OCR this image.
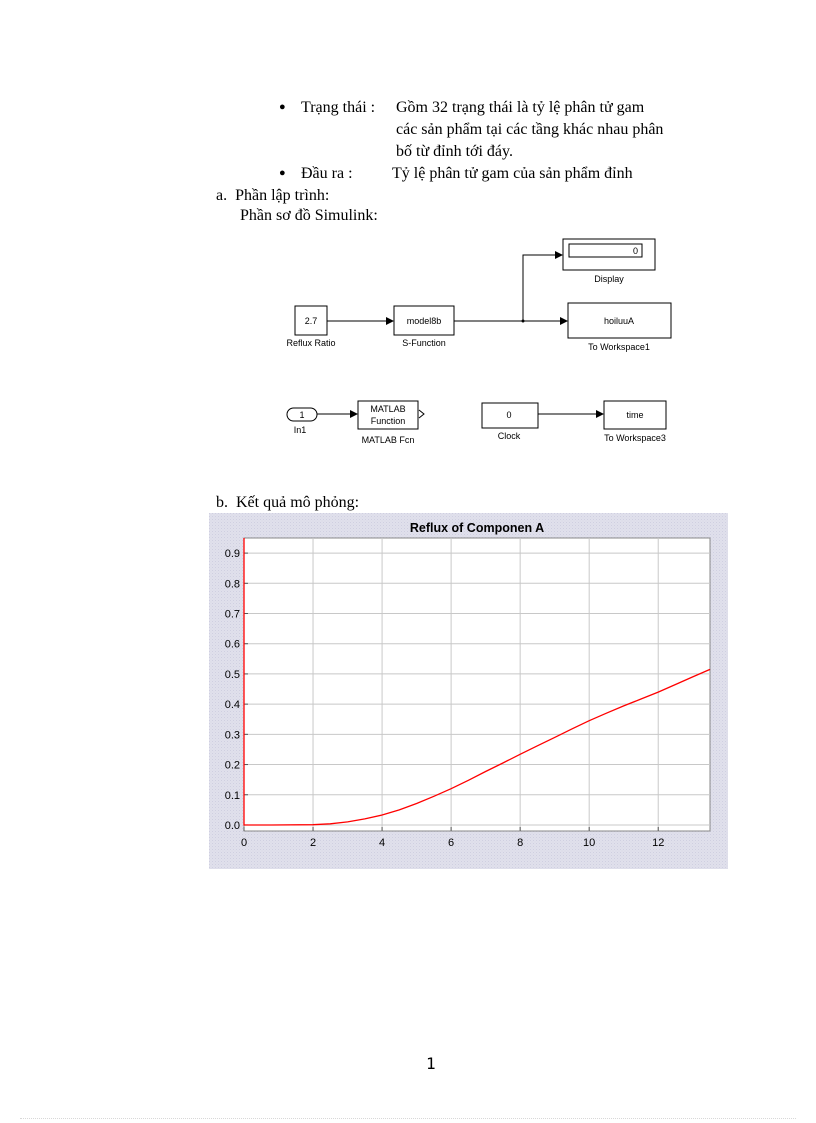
● Trạng thái : Gồm 32 trạng thái là tỷ lệ phân tử gam
các sản phẩm tại các tầng khác nhau phân
bố từ đỉnh tới đáy.
● Đầu ra : Tỷ lệ phân tử gam của sản phẩm đỉnh
a.  Phần lập trình:
Phần sơ đồ Simulink:
2.7
Reflux Ratio
model8b
S-Function
0
Display
hoiluuA
To Workspace1
1
In1
MATLAB
Function
MATLAB Fcn
0
Clock
time
To Workspace3
b.  Kết quả mô phỏng:
0.0
0.1
0.2
0.3
0.4
0.5
0.6
0.7
0.8
0.9
0	2	4	6	8	10	12
Reflux of Componen A
1
